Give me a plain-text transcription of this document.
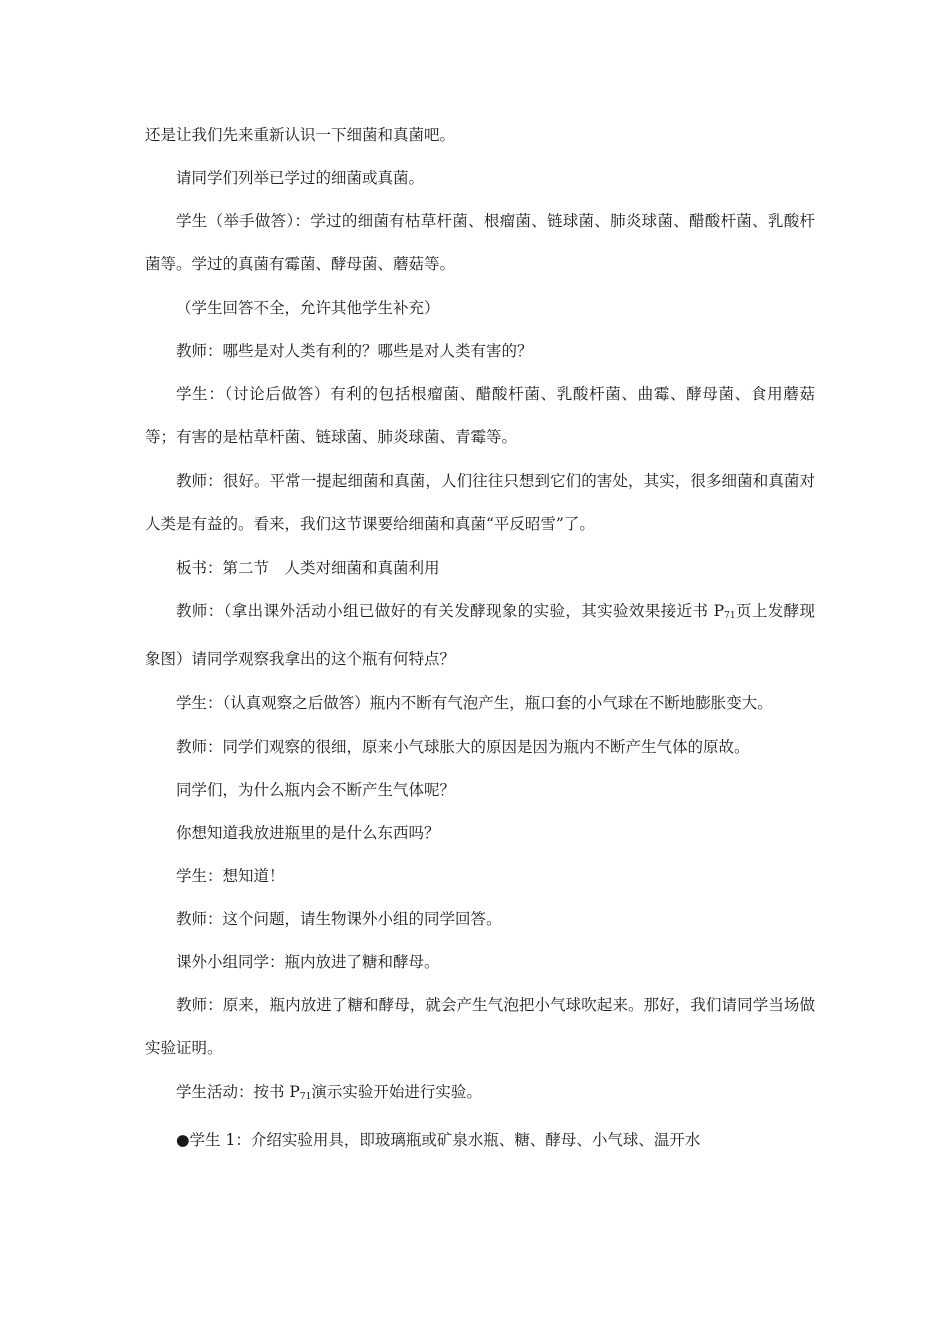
还是让我们先来重新认识一下细菌和真菌吧。

请同学们列举已学过的细菌或真菌。

学生（举手做答）：学过的细菌有枯草杆菌、根瘤菌、链球菌、肺炎球菌、醋酸杆菌、乳酸杆菌等。学过的真菌有霉菌、酵母菌、蘑菇等。

（学生回答不全，允许其他学生补充）

教师：哪些是对人类有利的？哪些是对人类有害的？

学生：（讨论后做答）有利的包括根瘤菌、醋酸杆菌、乳酸杆菌、曲霉、酵母菌、食用蘑菇等；有害的是枯草杆菌、链球菌、肺炎球菌、青霉等。

教师：很好。平常一提起细菌和真菌，人们往往只想到它们的害处，其实，很多细菌和真菌对人类是有益的。看来，我们这节课要给细菌和真菌“平反昭雪”了。

板书：第二节　人类对细菌和真菌利用

教师：（拿出课外活动小组已做好的有关发酵现象的实验，其实验效果接近书 $P_{71}$页上发酵现象图）请同学观察我拿出的这个瓶有何特点？

学生：（认真观察之后做答）瓶内不断有气泡产生，瓶口套的小气球在不断地膨胀变大。

教师：同学们观察的很细，原来小气球胀大的原因是因为瓶内不断产生气体的原故。

同学们，为什么瓶内会不断产生气体呢？

你想知道我放进瓶里的是什么东西吗？

学生：想知道！

教师：这个问题，请生物课外小组的同学回答。

课外小组同学：瓶内放进了糖和酵母。

教师：原来，瓶内放进了糖和酵母，就会产生气泡把小气球吹起来。那好，我们请同学当场做实验证明。

学生活动：按书 $P_{71}$演示实验开始进行实验。

●学生 1：介绍实验用具，即玻璃瓶或矿泉水瓶、糖、酵母、小气球、温开水
